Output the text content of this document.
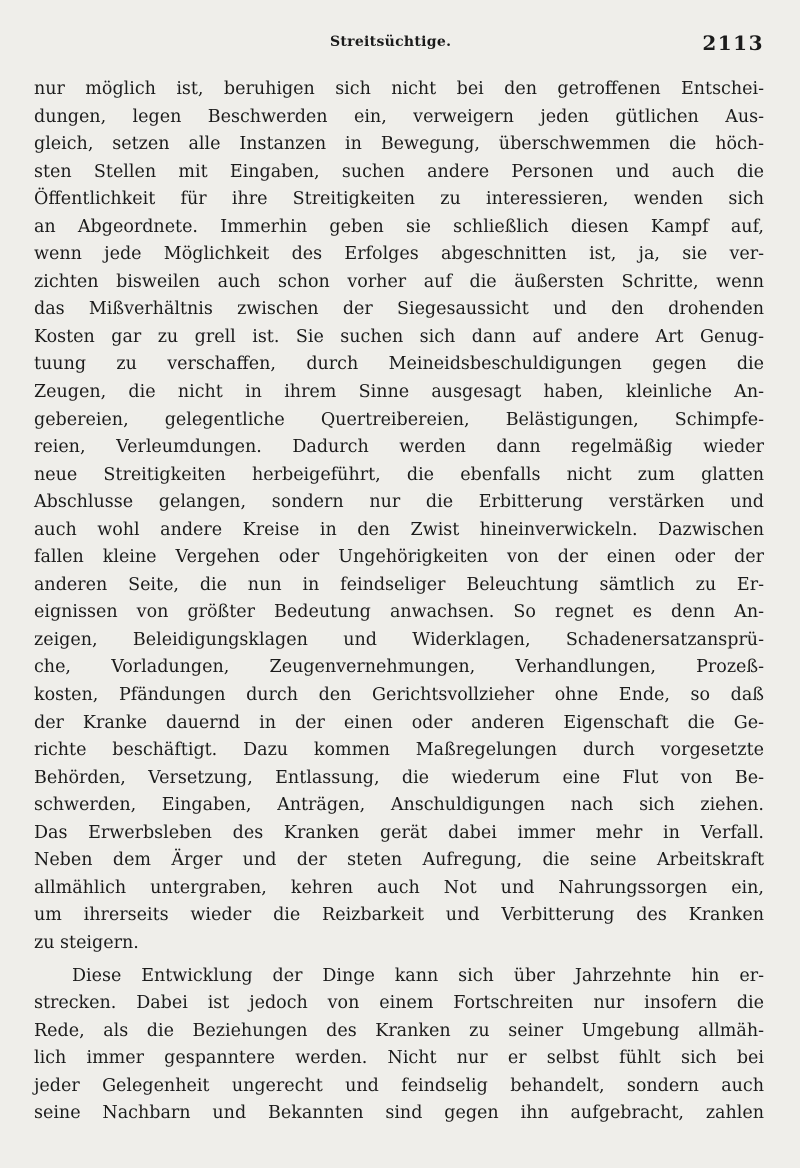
Streitsüchtige.	2113
nur möglich ist, beruhigen sich nicht bei den getroffenen Entschei-
dungen, legen Beschwerden ein, verweigern jeden gütlichen Aus-
gleich, setzen alle Instanzen in Bewegung, überschwemmen die höch-
sten Stellen mit Eingaben, suchen andere Personen und auch die
Öffentlichkeit für ihre Streitigkeiten zu interessieren, wenden sich
an Abgeordnete. Immerhin geben sie schließlich diesen Kampf auf,
wenn jede Möglichkeit des Erfolges abgeschnitten ist, ja, sie ver-
zichten bisweilen auch schon vorher auf die äußersten Schritte, wenn
das Mißverhältnis zwischen der Siegesaussicht und den drohenden
Kosten gar zu grell ist. Sie suchen sich dann auf andere Art Genug-
tuung zu verschaffen, durch Meineidsbeschuldigungen gegen die
Zeugen, die nicht in ihrem Sinne ausgesagt haben, kleinliche An-
gebereien, gelegentliche Quertreibereien, Belästigungen, Schimpfe-
reien, Verleumdungen. Dadurch werden dann regelmäßig wieder
neue Streitigkeiten herbeigeführt, die ebenfalls nicht zum glatten
Abschlusse gelangen, sondern nur die Erbitterung verstärken und
auch wohl andere Kreise in den Zwist hineinverwickeln. Dazwischen
fallen kleine Vergehen oder Ungehörigkeiten von der einen oder der
anderen Seite, die nun in feindseliger Beleuchtung sämtlich zu Er-
eignissen von größter Bedeutung anwachsen. So regnet es denn An-
zeigen, Beleidigungsklagen und Widerklagen, Schadenersatzansprü-
che, Vorladungen, Zeugenvernehmungen, Verhandlungen, Prozeß-
kosten, Pfändungen durch den Gerichtsvollzieher ohne Ende, so daß
der Kranke dauernd in der einen oder anderen Eigenschaft die Ge-
richte beschäftigt. Dazu kommen Maßregelungen durch vorgesetzte
Behörden, Versetzung, Entlassung, die wiederum eine Flut von Be-
schwerden, Eingaben, Anträgen, Anschuldigungen nach sich ziehen.
Das Erwerbsleben des Kranken gerät dabei immer mehr in Verfall.
Neben dem Ärger und der steten Aufregung, die seine Arbeitskraft
allmählich untergraben, kehren auch Not und Nahrungssorgen ein,
um ihrerseits wieder die Reizbarkeit und Verbitterung des Kranken
zu steigern.
Diese Entwicklung der Dinge kann sich über Jahrzehnte hin er-
strecken. Dabei ist jedoch von einem Fortschreiten nur insofern die
Rede, als die Beziehungen des Kranken zu seiner Umgebung allmäh-
lich immer gespanntere werden. Nicht nur er selbst fühlt sich bei
jeder Gelegenheit ungerecht und feindselig behandelt, sondern auch
seine Nachbarn und Bekannten sind gegen ihn aufgebracht, zahlen
